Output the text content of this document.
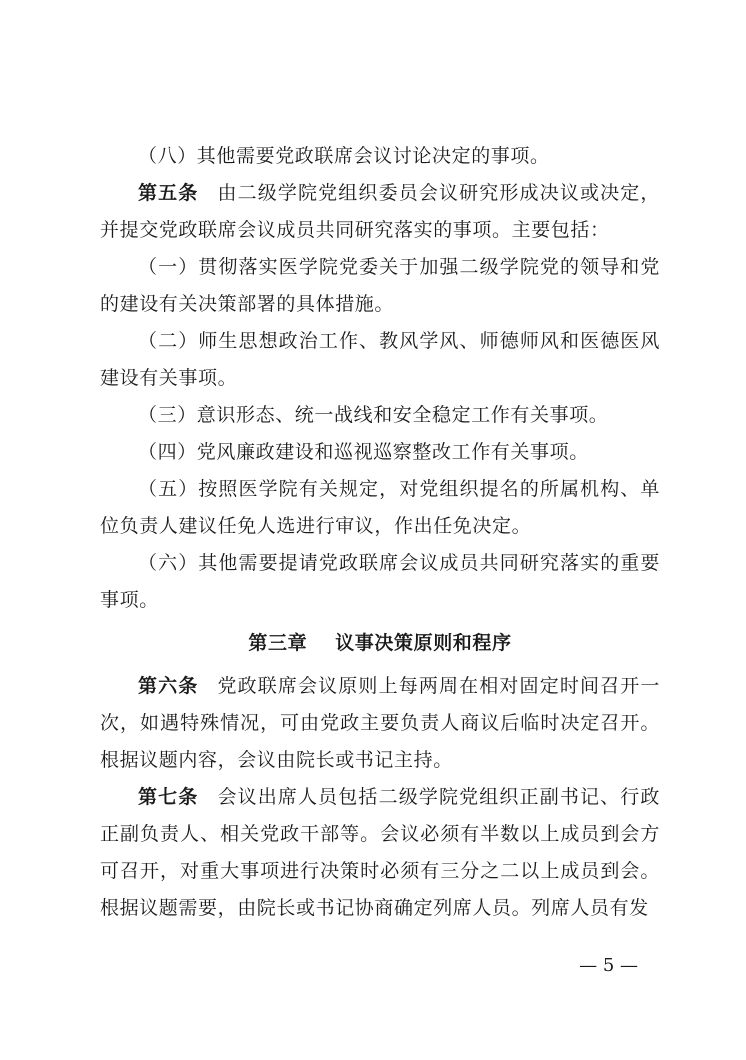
（八）其他需要党政联席会议讨论决定的事项。

第五条 由二级学院党组织委员会议研究形成决议或决定，并提交党政联席会议成员共同研究落实的事项。主要包括：

（一）贯彻落实医学院党委关于加强二级学院党的领导和党的建设有关决策部署的具体措施。

（二）师生思想政治工作、教风学风、师德师风和医德医风建设有关事项。

（三）意识形态、统一战线和安全稳定工作有关事项。

（四）党风廉政建设和巡视巡察整改工作有关事项。

（五）按照医学院有关规定，对党组织提名的所属机构、单位负责人建议任免人选进行审议，作出任免决定。

（六）其他需要提请党政联席会议成员共同研究落实的重要事项。

第三章 议事决策原则和程序

第六条 党政联席会议原则上每两周在相对固定时间召开一次，如遇特殊情况，可由党政主要负责人商议后临时决定召开。根据议题内容，会议由院长或书记主持。

第七条 会议出席人员包括二级学院党组织正副书记、行政正副负责人、相关党政干部等。会议必须有半数以上成员到会方可召开，对重大事项进行决策时必须有三分之二以上成员到会。根据议题需要，由院长或书记协商确定列席人员。列席人员有发

— 5 —
